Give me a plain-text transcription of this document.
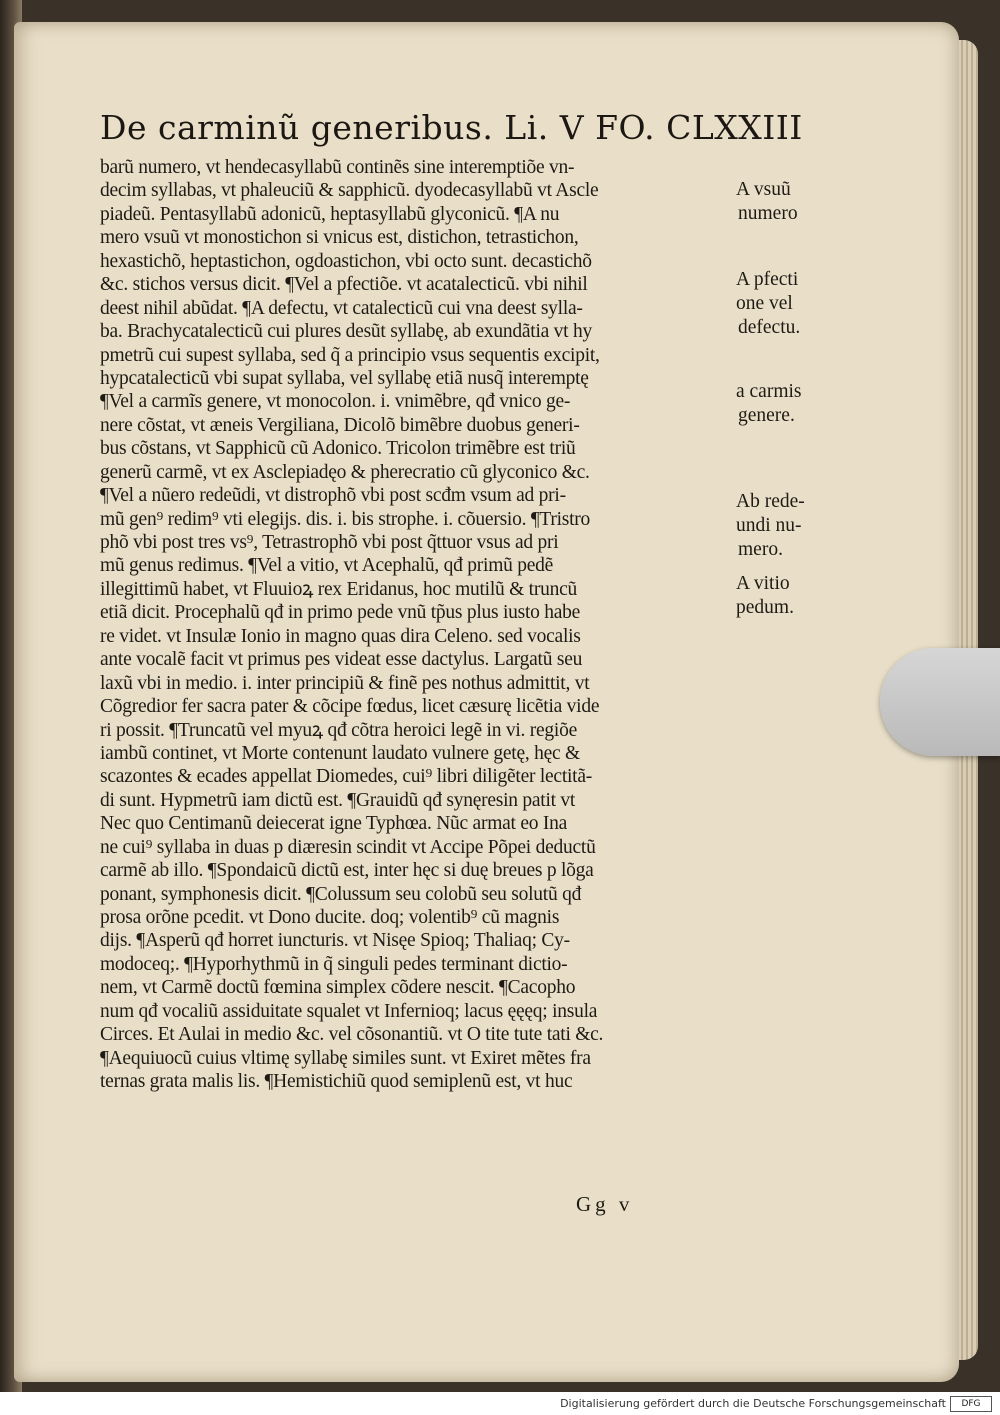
De carminũ generibus. Li. V FO. CLXXIII
barũ numero, vt hendecasyllabũ continẽs sine interemptiõe vn-
decim syllabas, vt phaleuciũ & sapphicũ. dyodecasyllabũ vt Ascle
piadeũ. Pentasyllabũ adonicũ, heptasyllabũ glyconicũ. ¶A nu
mero vsuũ vt monostichon si vnicus est, distichon, tetrastichon,
hexastichõ, heptastichon, ogdoastichon, vbi octo sunt. decastichõ
&c. stichos versus dicit. ¶Vel a pfectiõe. vt acatalecticũ. vbi nihil
deest nihil abũdat. ¶A defectu, vt catalecticũ cui vna deest sylla-
ba. Brachycatalecticũ cui plures desũt syllabę, ab exundãtia vt hy
pmetrũ cui supest syllaba, sed q̃ a principio vsus sequentis excipit,
hypcatalecticũ vbi supat syllaba, vel syllabę etiã nusq̃ interemptę
¶Vel a carmĩs genere, vt monocolon. i. vnimẽbre, qđ vnico ge-
nere cõstat, vt æneis Vergiliana, Dicolõ bimẽbre duobus generi-
bus cõstans, vt Sapphicũ cũ Adonico. Tricolon trimẽbre est triũ
generũ carmẽ, vt ex Asclepiadęo & pherecratio cũ glyconico &c.
¶Vel a nũero redeũdi, vt distrophõ vbi post scđm vsum ad pri-
mũ gen⁹ redim⁹ vti elegijs. dis. i. bis strophe. i. cõuersio. ¶Tristro
phõ vbi post tres vs⁹, Tetrastrophõ vbi post q̃ttuor vsus ad pri
mũ genus redimus. ¶Vel a vitio, vt Acephalũ, qđ primũ pedẽ
illegittimũ habet, vt Fluuioꝝ rex Eridanus, hoc mutilũ & truncũ
etiã dicit. Procephalũ qđ in primo pede vnũ tp̃us plus iusto habe
re videt. vt Insulæ Ionio in magno quas dira Celeno. sed vocalis
ante vocalẽ facit vt primus pes videat esse dactylus. Largatũ seu
laxũ vbi in medio. i. inter principiũ & finẽ pes nothus admittit, vt
Cõgredior fer sacra pater & cõcipe fœdus, licet cæsurę licẽtia vide
ri possit. ¶Truncatũ vel myuꝝ qđ cõtra heroici legẽ in vi. regiõe
iambũ continet, vt Morte contenunt laudato vulnere getę, hęc &
scazontes & ecades appellat Diomedes, cui⁹ libri diligẽter lectitã-
di sunt. Hypmetrũ iam dictũ est. ¶Grauidũ qđ synęresin patit vt
Nec quo Centimanũ deiecerat igne Typhœa. Nũc armat eo Ina
ne cui⁹ syllaba in duas p diæresin scindit vt Accipe Põpei deductũ
carmẽ ab illo. ¶Spondaicũ dictũ est, inter hęc si duę breues p lõga
ponant, symphonesis dicit. ¶Colussum seu colobũ seu solutũ qđ
prosa orõne pcedit. vt Dono ducite. doq; volentib⁹ cũ magnis
dijs. ¶Asperũ qđ horret iuncturis. vt Nisęe Spioq; Thaliaq; Cy-
modoceq;. ¶Hyporhythmũ in q̃ singuli pedes terminant dictio-
nem, vt Carmẽ doctũ fœmina simplex cõdere nescit. ¶Cacopho
num qđ vocaliũ assiduitate squalet vt Infernioq; lacus ęęęq; insula
Circes. Et Aulai in medio &c. vel cõsonantiũ. vt O tite tute tati &c.
¶Aequiuocũ cuius vltimę syllabę similes sunt. vt Exiret mẽtes fra
ternas grata malis lis. ¶Hemistichiũ quod semiplenũ est, vt huc
A vsuũ
numero
A pfecti
one vel
defectu.
a carmis
genere.
Ab rede-
undi nu-
mero.
A vitio
pedum.
Gg v
Digitalisierung gefördert durch die Deutsche Forschungsgemeinschaft	DFG
